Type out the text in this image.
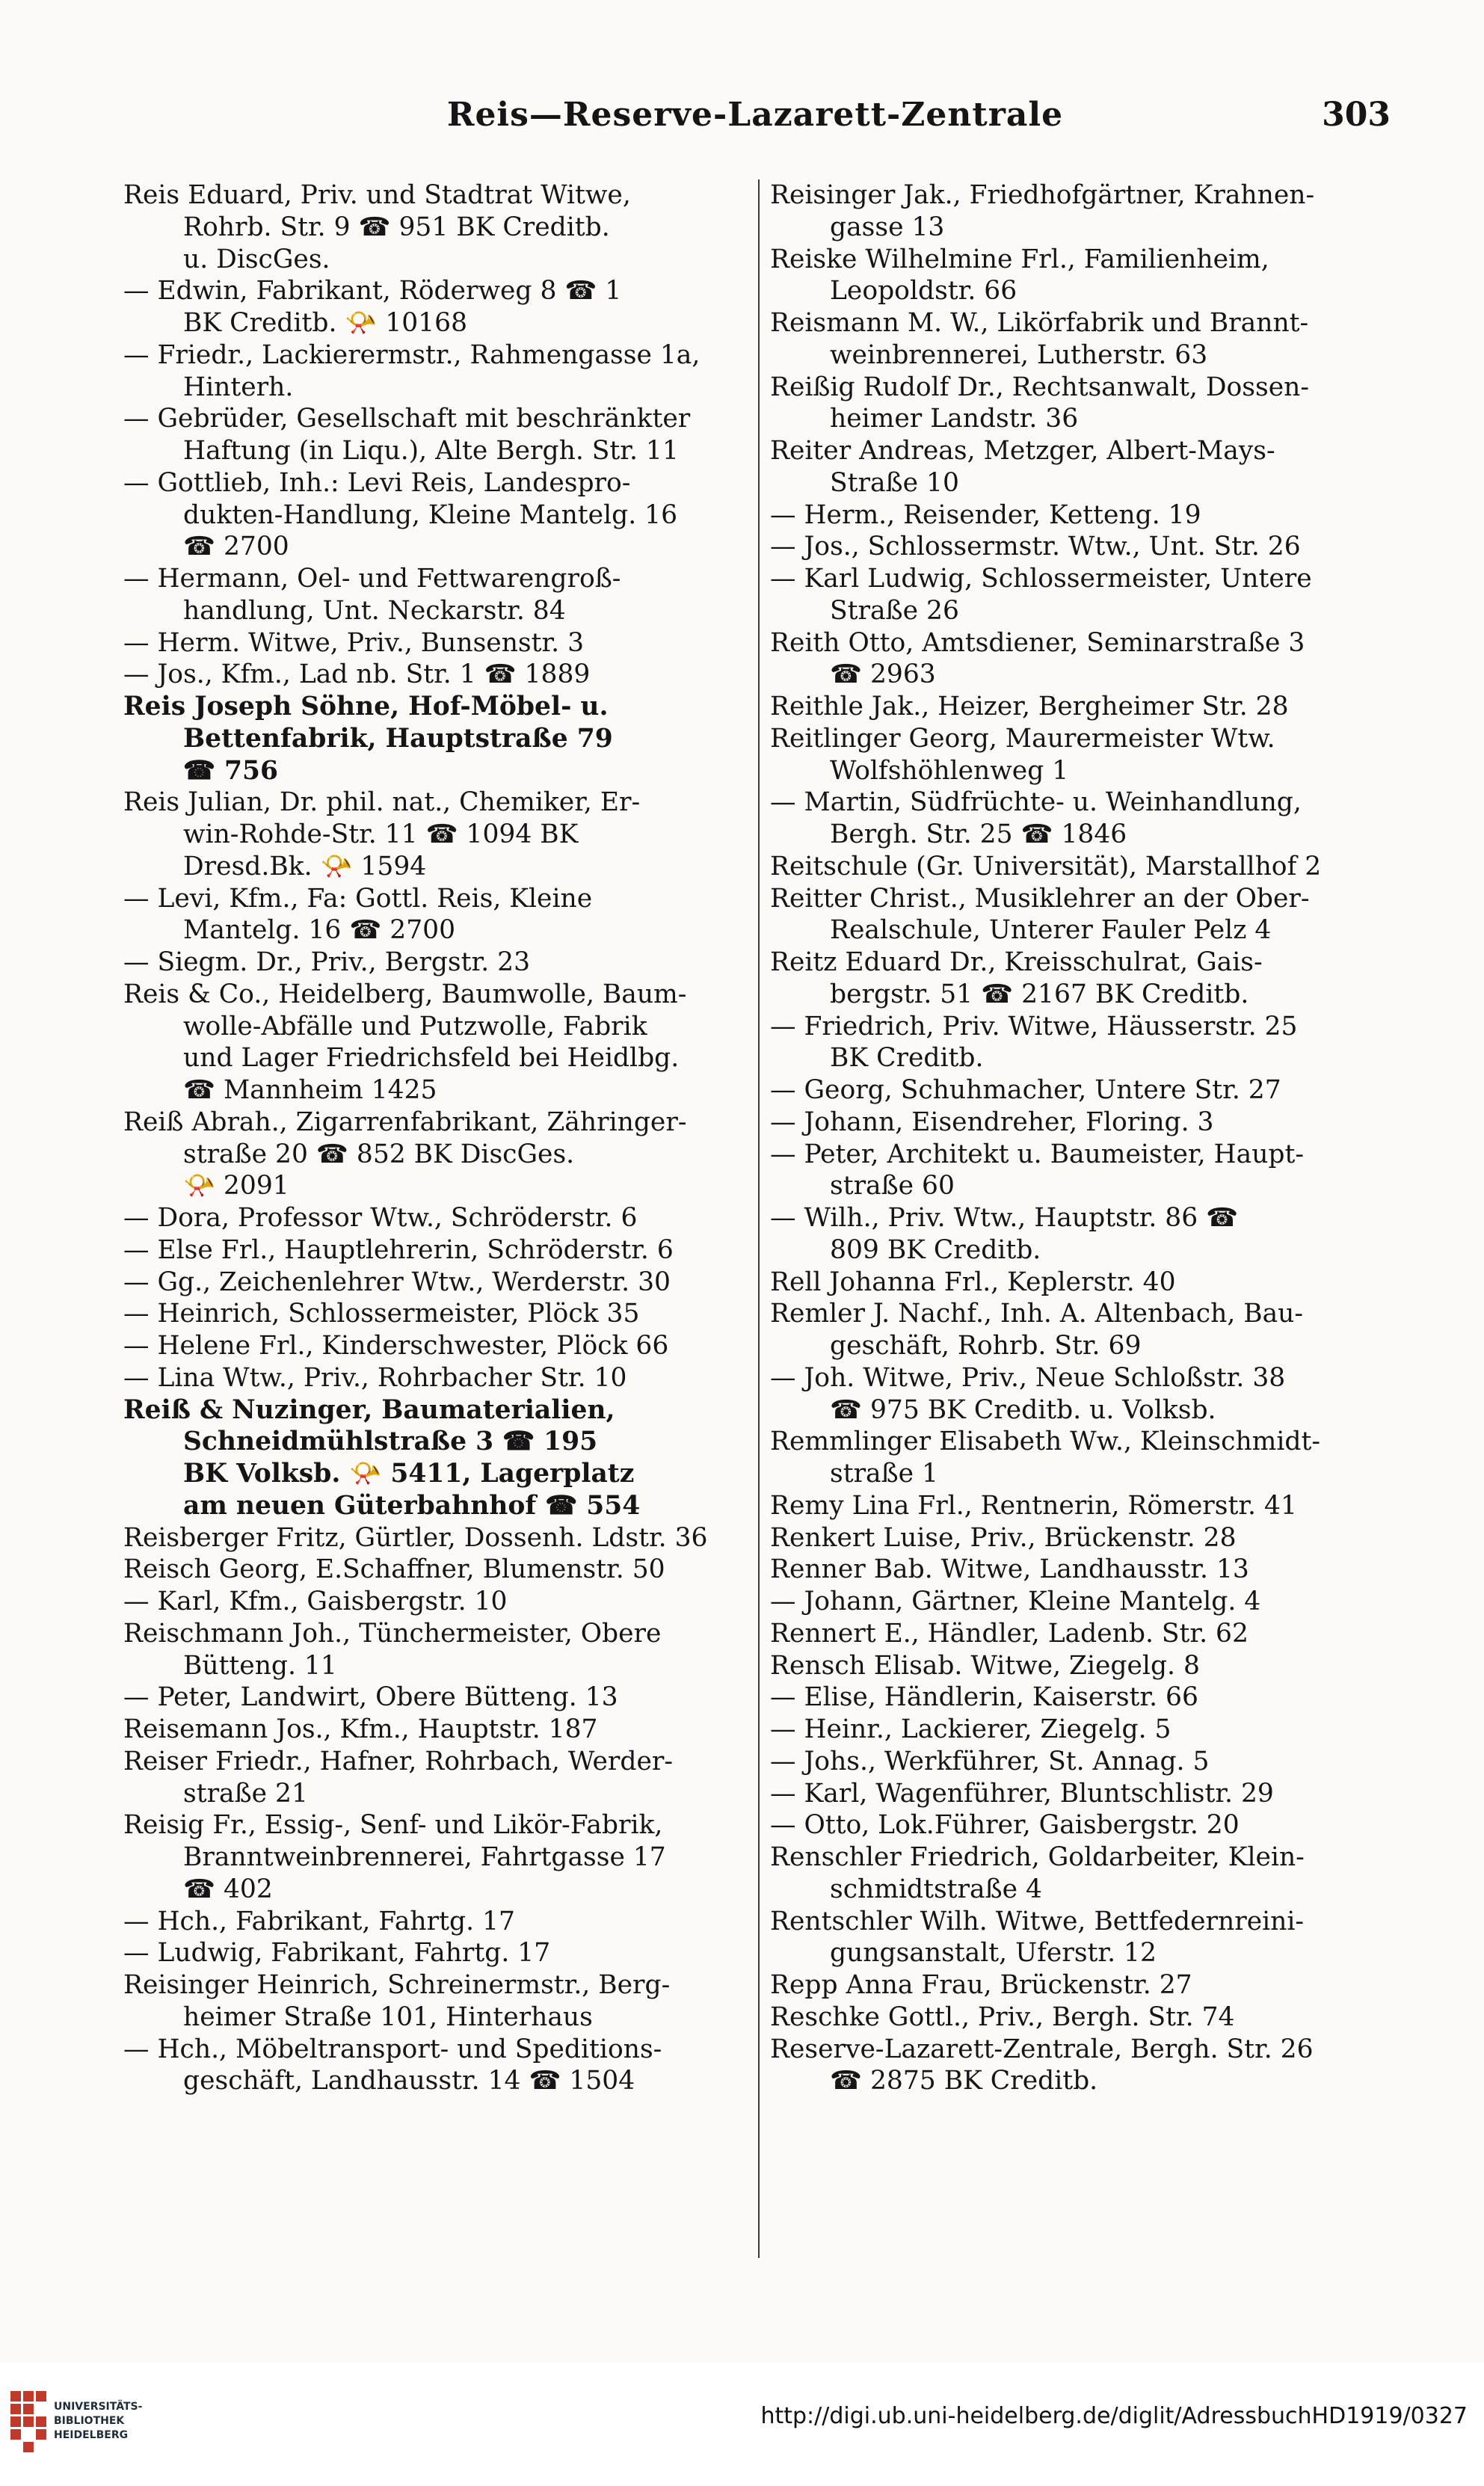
Reis—Reserve-Lazarett-Zentrale	303
Reis Eduard, Priv. und Stadtrat Witwe,
Rohrb. Str. 9 ☎ 951 BK Creditb.
u. DiscGes.
— Edwin, Fabrikant, Röderweg 8 ☎ 1
BK Creditb. 📯 10168
— Friedr., Lackierermstr., Rahmengasse 1a,
Hinterh.
— Gebrüder, Gesellschaft mit beschränkter
Haftung (in Liqu.), Alte Bergh. Str. 11
— Gottlieb, Inh.: Levi Reis, Landespro-
dukten-Handlung, Kleine Mantelg. 16
☎ 2700
— Hermann, Oel- und Fettwarengroß-
handlung, Unt. Neckarstr. 84
— Herm. Witwe, Priv., Bunsenstr. 3
— Jos., Kfm., Lad nb. Str. 1 ☎ 1889
Reis Joseph Söhne, Hof-Möbel- u.
Bettenfabrik, Hauptstraße 79
☎ 756
Reis Julian, Dr. phil. nat., Chemiker, Er-
win-Rohde-Str. 11 ☎ 1094 BK
Dresd.Bk. 📯 1594
— Levi, Kfm., Fa: Gottl. Reis, Kleine
Mantelg. 16 ☎ 2700
— Siegm. Dr., Priv., Bergstr. 23
Reis & Co., Heidelberg, Baumwolle, Baum-
wolle-Abfälle und Putzwolle, Fabrik
und Lager Friedrichsfeld bei Heidlbg.
☎ Mannheim 1425
Reiß Abrah., Zigarrenfabrikant, Zähringer-
straße 20 ☎ 852 BK DiscGes.
📯 2091
— Dora, Professor Wtw., Schröderstr. 6
— Else Frl., Hauptlehrerin, Schröderstr. 6
— Gg., Zeichenlehrer Wtw., Werderstr. 30
— Heinrich, Schlossermeister, Plöck 35
— Helene Frl., Kinderschwester, Plöck 66
— Lina Wtw., Priv., Rohrbacher Str. 10
Reiß & Nuzinger, Baumaterialien,
Schneidmühlstraße 3 ☎ 195
BK Volksb. 📯 5411, Lagerplatz
am neuen Güterbahnhof ☎ 554
Reisberger Fritz, Gürtler, Dossenh. Ldstr. 36
Reisch Georg, E.Schaffner, Blumenstr. 50
— Karl, Kfm., Gaisbergstr. 10
Reischmann Joh., Tünchermeister, Obere
Bütteng. 11
— Peter, Landwirt, Obere Bütteng. 13
Reisemann Jos., Kfm., Hauptstr. 187
Reiser Friedr., Hafner, Rohrbach, Werder-
straße 21
Reisig Fr., Essig-, Senf- und Likör-Fabrik,
Branntweinbrennerei, Fahrtgasse 17
☎ 402
— Hch., Fabrikant, Fahrtg. 17
— Ludwig, Fabrikant, Fahrtg. 17
Reisinger Heinrich, Schreinermstr., Berg-
heimer Straße 101, Hinterhaus
— Hch., Möbeltransport- und Speditions-
geschäft, Landhausstr. 14 ☎ 1504
Reisinger Jak., Friedhofgärtner, Krahnen-
gasse 13
Reiske Wilhelmine Frl., Familienheim,
Leopoldstr. 66
Reismann M. W., Likörfabrik und Brannt-
weinbrennerei, Lutherstr. 63
Reißig Rudolf Dr., Rechtsanwalt, Dossen-
heimer Landstr. 36
Reiter Andreas, Metzger, Albert-Mays-
Straße 10
— Herm., Reisender, Ketteng. 19
— Jos., Schlossermstr. Wtw., Unt. Str. 26
— Karl Ludwig, Schlossermeister, Untere
Straße 26
Reith Otto, Amtsdiener, Seminarstraße 3
☎ 2963
Reithle Jak., Heizer, Bergheimer Str. 28
Reitlinger Georg, Maurermeister Wtw.
Wolfshöhlenweg 1
— Martin, Südfrüchte- u. Weinhandlung,
Bergh. Str. 25 ☎ 1846
Reitschule (Gr. Universität), Marstallhof 2
Reitter Christ., Musiklehrer an der Ober-
Realschule, Unterer Fauler Pelz 4
Reitz Eduard Dr., Kreisschulrat, Gais-
bergstr. 51 ☎ 2167 BK Creditb.
— Friedrich, Priv. Witwe, Häusserstr. 25
BK Creditb.
— Georg, Schuhmacher, Untere Str. 27
— Johann, Eisendreher, Floring. 3
— Peter, Architekt u. Baumeister, Haupt-
straße 60
— Wilh., Priv. Wtw., Hauptstr. 86 ☎
809 BK Creditb.
Rell Johanna Frl., Keplerstr. 40
Remler J. Nachf., Inh. A. Altenbach, Bau-
geschäft, Rohrb. Str. 69
— Joh. Witwe, Priv., Neue Schloßstr. 38
☎ 975 BK Creditb. u. Volksb.
Remmlinger Elisabeth Ww., Kleinschmidt-
straße 1
Remy Lina Frl., Rentnerin, Römerstr. 41
Renkert Luise, Priv., Brückenstr. 28
Renner Bab. Witwe, Landhausstr. 13
— Johann, Gärtner, Kleine Mantelg. 4
Rennert E., Händler, Ladenb. Str. 62
Rensch Elisab. Witwe, Ziegelg. 8
— Elise, Händlerin, Kaiserstr. 66
— Heinr., Lackierer, Ziegelg. 5
— Johs., Werkführer, St. Annag. 5
— Karl, Wagenführer, Bluntschlistr. 29
— Otto, Lok.Führer, Gaisbergstr. 20
Renschler Friedrich, Goldarbeiter, Klein-
schmidtstraße 4
Rentschler Wilh. Witwe, Bettfedernreini-
gungsanstalt, Uferstr. 12
Repp Anna Frau, Brückenstr. 27
Reschke Gottl., Priv., Bergh. Str. 74
Reserve-Lazarett-Zentrale, Bergh. Str. 26
☎ 2875 BK Creditb.
UNIVERSITÄTS-
BIBLIOTHEK
HEIDELBERG
http://digi.ub.uni-heidelberg.de/diglit/AdressbuchHD1919/0327
